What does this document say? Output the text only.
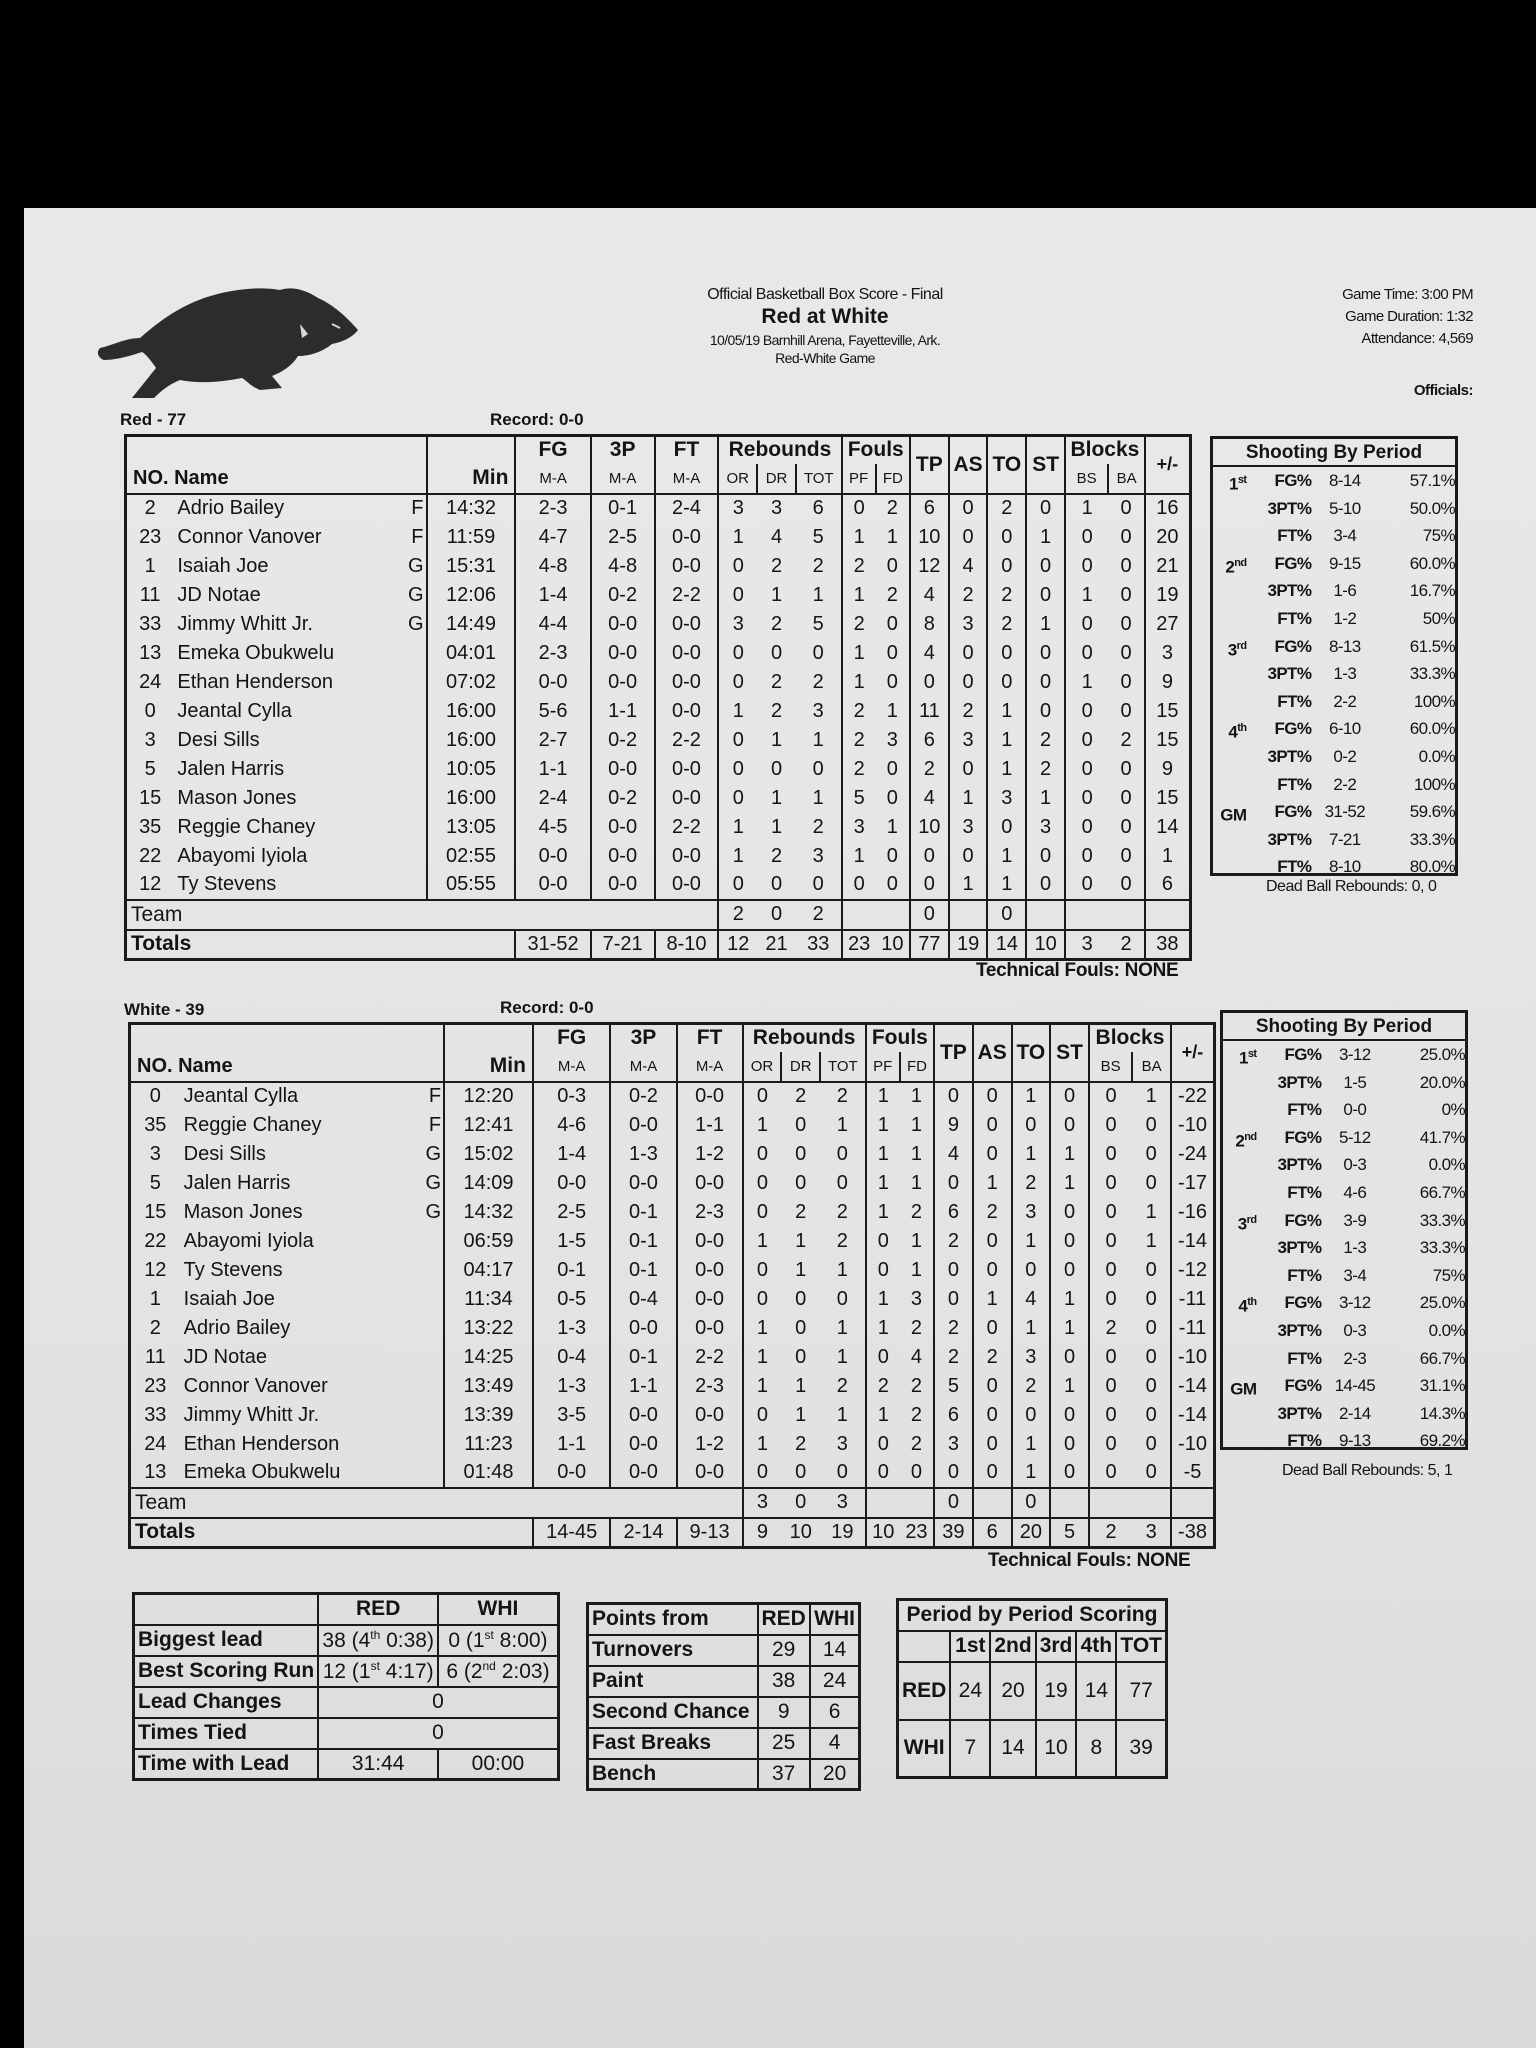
Official Basketball Box Score - Final
Red at White
10/05/19 Barnhill Arena, Fayetteville, Ark.
Red-White Game
Game Time: 3:00 PM
Game Duration: 1:32
Attendance: 4,569
Officials:
Red - 77	Record: 0-0
				FG	3P	FT	Rebounds			Fouls		TP	AS	TO	ST	Blocks		+/-
NO. Name			Min	M-A	M-A	M-A	OR	DR	TOT	PF	FD					BS	BA	
2	Adrio Bailey	F	14:32	2-3	0-1	2-4	3	3	6	0	2	6	0	2	0	1	0	16
23	Connor Vanover	F	11:59	4-7	2-5	0-0	1	4	5	1	1	10	0	0	1	0	0	20
1	Isaiah Joe	G	15:31	4-8	4-8	0-0	0	2	2	2	0	12	4	0	0	0	0	21
11	JD Notae	G	12:06	1-4	0-2	2-2	0	1	1	1	2	4	2	2	0	1	0	19
33	Jimmy Whitt Jr.	G	14:49	4-4	0-0	0-0	3	2	5	2	0	8	3	2	1	0	0	27
13	Emeka Obukwelu		04:01	2-3	0-0	0-0	0	0	0	1	0	4	0	0	0	0	0	3
24	Ethan Henderson		07:02	0-0	0-0	0-0	0	2	2	1	0	0	0	0	0	1	0	9
0	Jeantal Cylla		16:00	5-6	1-1	0-0	1	2	3	2	1	11	2	1	0	0	0	15
3	Desi Sills		16:00	2-7	0-2	2-2	0	1	1	2	3	6	3	1	2	0	2	15
5	Jalen Harris		10:05	1-1	0-0	0-0	0	0	0	2	0	2	0	1	2	0	0	9
15	Mason Jones		16:00	2-4	0-2	0-0	0	1	1	5	0	4	1	3	1	0	0	15
35	Reggie Chaney		13:05	4-5	0-0	2-2	1	1	2	3	1	10	3	0	3	0	0	14
22	Abayomi Iyiola		02:55	0-0	0-0	0-0	1	2	3	1	0	0	0	1	0	0	0	1
12	Ty Stevens		05:55	0-0	0-0	0-0	0	0	0	0	0	0	1	1	0	0	0	6
Team							2	0	2			0		0				
Totals				31-52	7-21	8-10	12	21	33	23	10	77	19	14	10	3	2	38
Technical Fouls: NONE
Shooting By Period
1st	FG%	8-14	57.1%
3PT%	5-10	50.0%
FT%	3-4	75%
2nd	FG%	9-15	60.0%
3PT%	1-6	16.7%
FT%	1-2	50%
3rd	FG%	8-13	61.5%
3PT%	1-3	33.3%
FT%	2-2	100%
4th	FG%	6-10	60.0%
3PT%	0-2	0.0%
FT%	2-2	100%
GM	FG% 31-52	59.6%
3PT%	7-21	33.3%
FT%	8-10	80.0%
Dead Ball Rebounds: 0, 0
White - 39	Record: 0-0
				FG	3P	FT	Rebounds			Fouls		TP	AS	TO	ST	Blocks		+/-
NO. Name			Min	M-A	M-A	M-A	OR	DR	TOT	PF	FD					BS	BA	
0	Jeantal Cylla	F	12:20	0-3	0-2	0-0	0	2	2	1	1	0	0	1	0	0	1	-22
35	Reggie Chaney	F	12:41	4-6	0-0	1-1	1	0	1	1	1	9	0	0	0	0	0	-10
3	Desi Sills	G	15:02	1-4	1-3	1-2	0	0	0	1	1	4	0	1	1	0	0	-24
5	Jalen Harris	G	14:09	0-0	0-0	0-0	0	0	0	1	1	0	1	2	1	0	0	-17
15	Mason Jones	G	14:32	2-5	0-1	2-3	0	2	2	1	2	6	2	3	0	0	1	-16
22	Abayomi Iyiola		06:59	1-5	0-1	0-0	1	1	2	0	1	2	0	1	0	0	1	-14
12	Ty Stevens		04:17	0-1	0-1	0-0	0	1	1	0	1	0	0	0	0	0	0	-12
1	Isaiah Joe		11:34	0-5	0-4	0-0	0	0	0	1	3	0	1	4	1	0	0	-11
2	Adrio Bailey		13:22	1-3	0-0	0-0	1	0	1	1	2	2	0	1	1	2	0	-11
11	JD Notae		14:25	0-4	0-1	2-2	1	0	1	0	4	2	2	3	0	0	0	-10
23	Connor Vanover		13:49	1-3	1-1	2-3	1	1	2	2	2	5	0	2	1	0	0	-14
33	Jimmy Whitt Jr.		13:39	3-5	0-0	0-0	0	1	1	1	2	6	0	0	0	0	0	-14
24	Ethan Henderson		11:23	1-1	0-0	1-2	1	2	3	0	2	3	0	1	0	0	0	-10
13	Emeka Obukwelu		01:48	0-0	0-0	0-0	0	0	0	0	0	0	0	1	0	0	0	-5
Team							3	0	3			0		0				
Totals				14-45	2-14	9-13	9	10	19	10	23	39	6	20	5	2	3	-38
Technical Fouls: NONE
Shooting By Period
1st	FG%	3-12	25.0%
3PT%	1-5	20.0%
FT%	0-0	0%
2nd	FG%	5-12	41.7%
3PT%	0-3	0.0%
FT%	4-6	66.7%
3rd	FG%	3-9	33.3%
3PT%	1-3	33.3%
FT%	3-4	75%
4th	FG%	3-12	25.0%
3PT%	0-3	0.0%
FT%	2-3	66.7%
GM	FG% 14-45	31.1%
3PT%	2-14	14.3%
FT%	9-13	69.2%
Dead Ball Rebounds: 5, 1
	RED	WHI
Biggest lead	38 (4th 0:38)	0 (1st 8:00)
Best Scoring Run	12 (1st 4:17)	6 (2nd 2:03)
Lead Changes	0	
Times Tied	0	
Time with Lead	31:44	00:00
Points from	RED	WHI
Turnovers	29	14
Paint	38	24
Second Chance	9	6
Fast Breaks	25	4
Bench	37	20
Period by Period Scoring					
	1st	2nd	3rd	4th	TOT
RED	24	20	19	14	77
WHI	7	14	10	8	39
